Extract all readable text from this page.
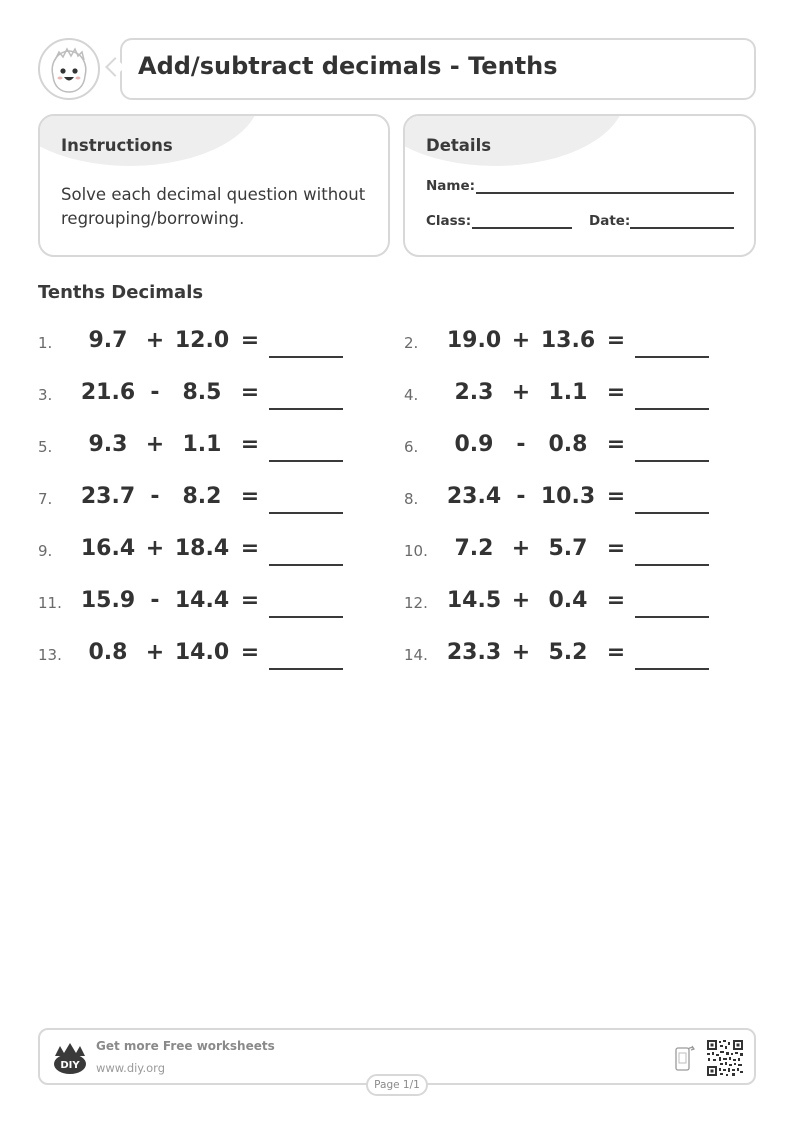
Add/subtract decimals - Tenths
Instructions
Solve each decimal question without regrouping/borrowing.
Details
Name:
Class:	Date:
Tenths Decimals
1.	9.7 + 12.0 =	2.	19.0 + 13.6 =
3.	21.6 -	8.5 =	4.	2.3 + 1.1 =
5.	9.3 + 1.1 =	6.	0.9	-	0.8 =
7.	23.7 -	8.2 =	8.	23.4 - 10.3 =
9.	16.4 + 18.4 =	10.	7.2 + 5.7 =
11. 15.9 - 14.4 =	12. 14.5 + 0.4 =
13.	0.8 + 14.0 =	14. 23.3 + 5.2 =
DIY
Get more Free worksheets
www.diy.org
Page 1/1
